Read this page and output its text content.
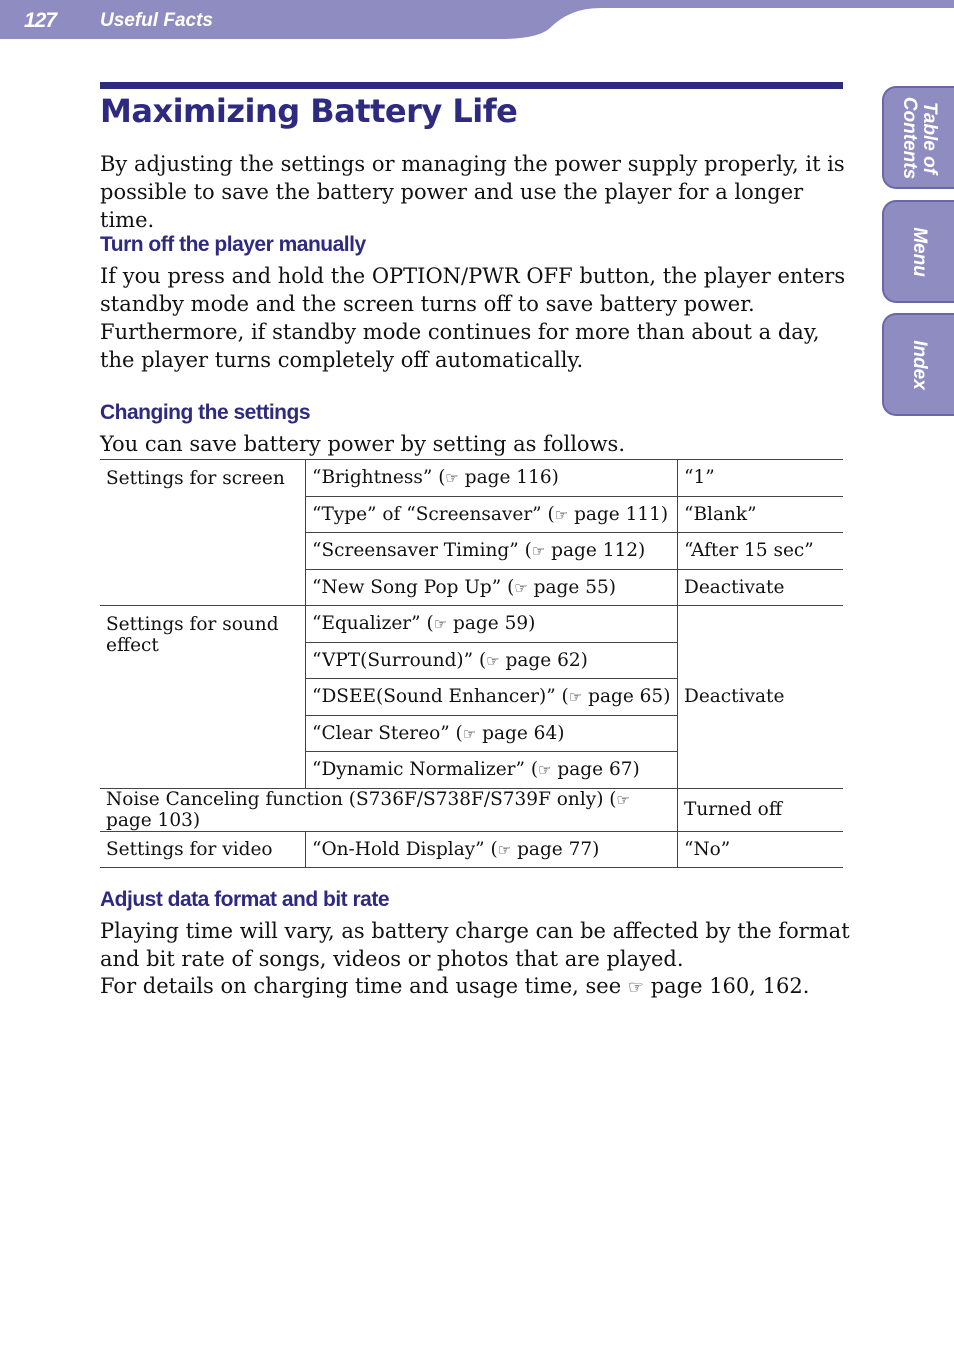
127 Useful Facts
Table of
Contents
Menu
Index
Maximizing Battery Life

By adjusting the settings or managing the power supply properly, it is possible to save the battery power and use the player for a longer time.

Turn off the player manually

If you press and hold the OPTION/PWR OFF button, the player enters standby mode and the screen turns off to save battery power. Furthermore, if standby mode continues for more than about a day, the player turns completely off automatically.

Changing the settings

You can save battery power by setting as follows.

Settings for screen	“Brightness” (☞ page 116)	“1”
	“Type” of “Screensaver” (☞ page 111)	“Blank”
	“Screensaver Timing” (☞ page 112)	“After 15 sec”
	“New Song Pop Up” (☞ page 55)	Deactivate
Settings for sound effect	“Equalizer” (☞ page 59)	Deactivate
	“VPT(Surround)” (☞ page 62)	
	“DSEE(Sound Enhancer)” (☞ page 65)	
	“Clear Stereo” (☞ page 64)	
	“Dynamic Normalizer” (☞ page 67)	
Noise Canceling function (S736F/S738F/S739F only) (☞ page 103)		Turned off
Settings for video	“On-Hold Display” (☞ page 77)	“No”
Adjust data format and bit rate

Playing time will vary, as battery charge can be affected by the format and bit rate of songs, videos or photos that are played.

For details on charging time and usage time, see ☞ page 160, 162.
